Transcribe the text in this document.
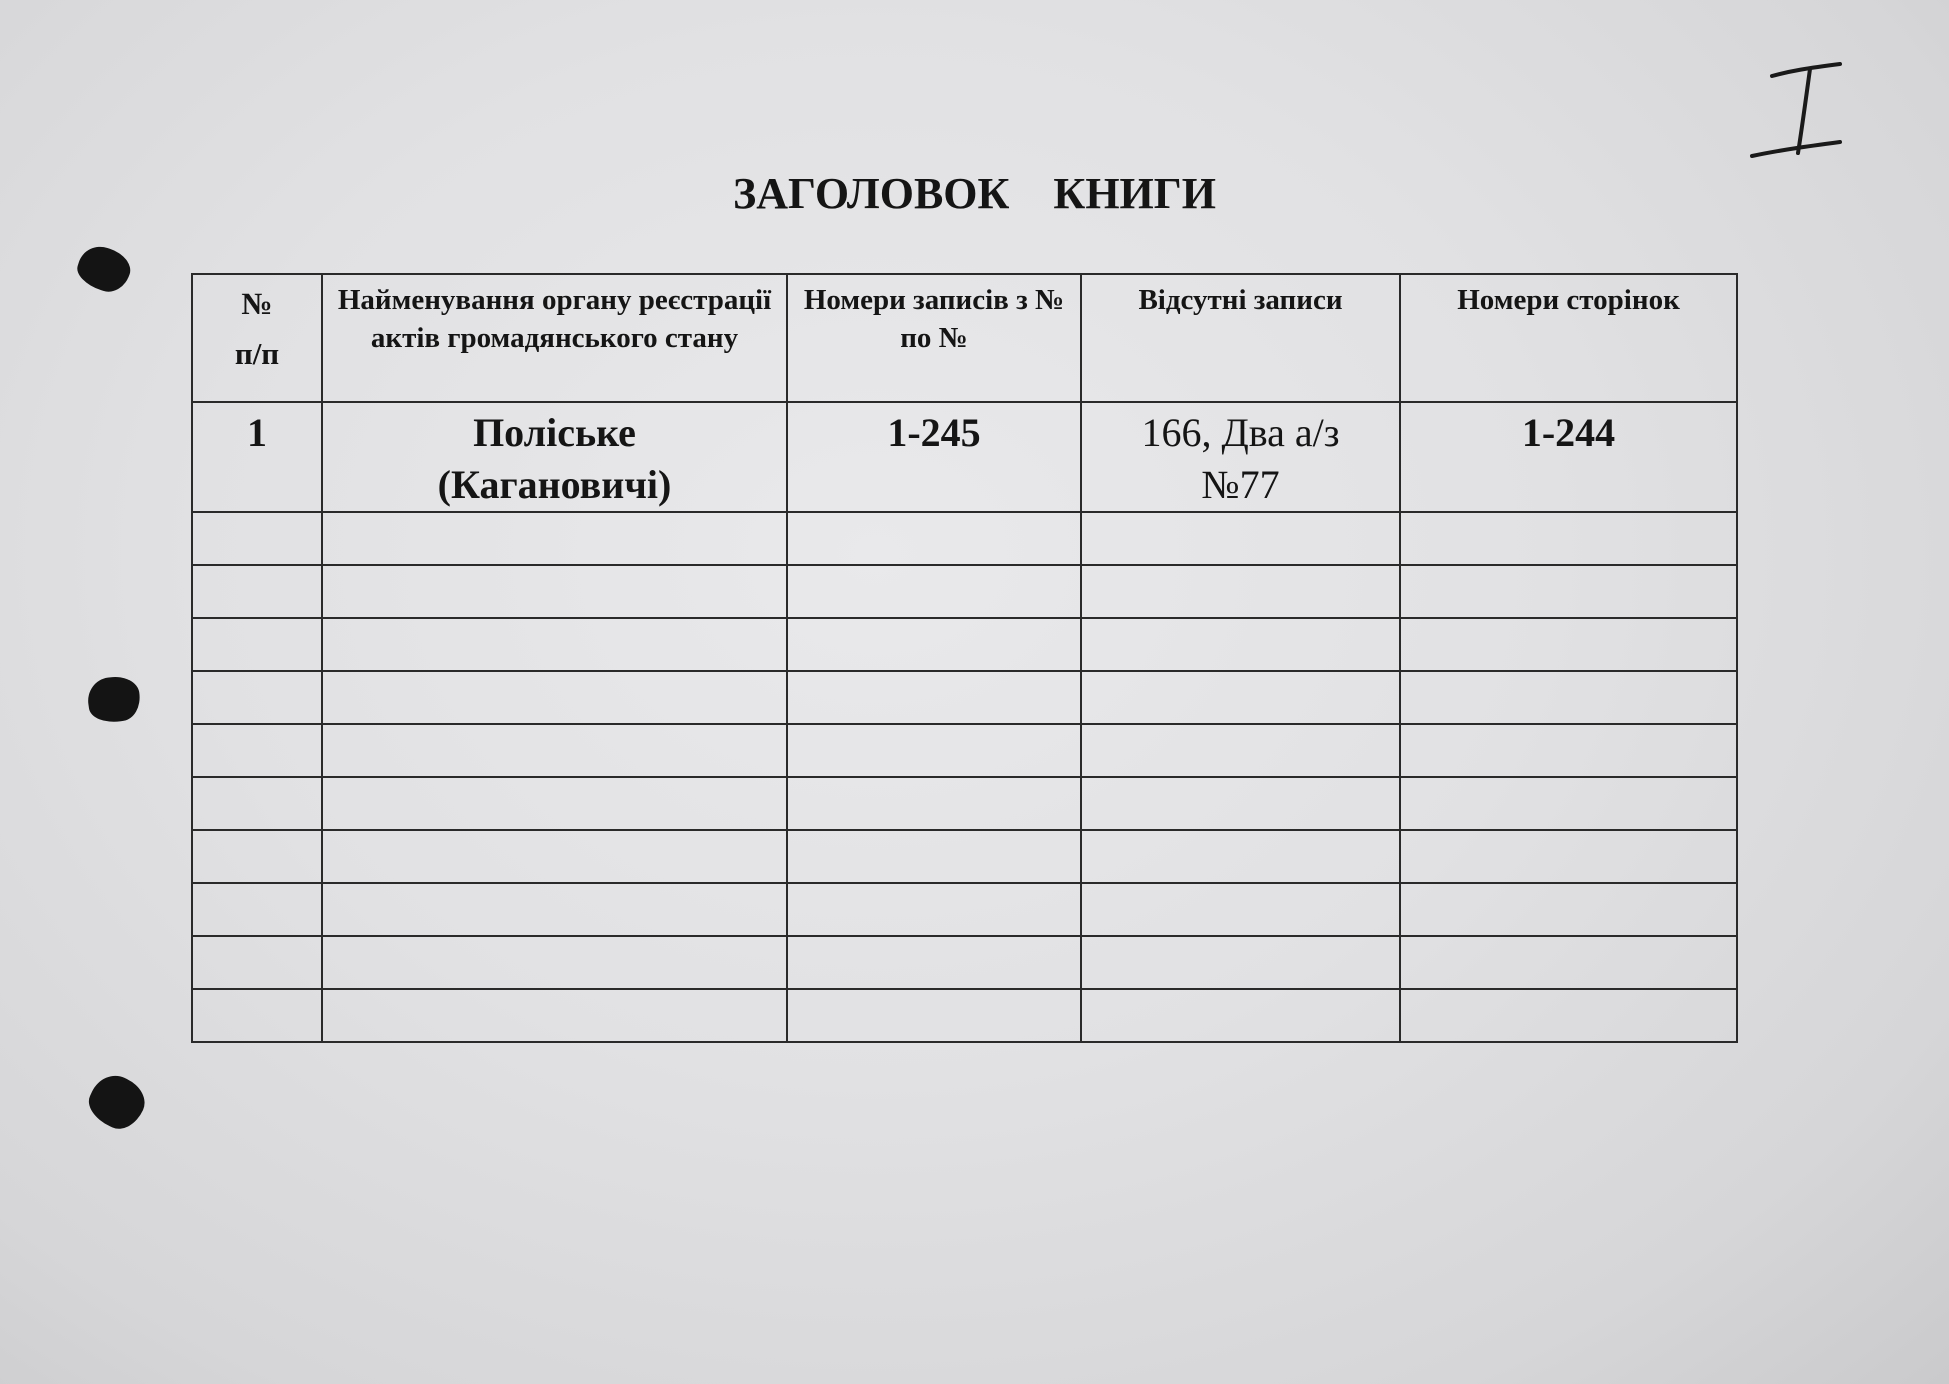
ЗАГОЛОВОК    КНИГИ
№
п/п	Найменування органу реєстрації актів громадянського стану	Номери записів з № по №	Відсутні записи	Номери сторінок
1	Поліське (Кагановичі)	1-245	166, Два а/з №77	1-244
